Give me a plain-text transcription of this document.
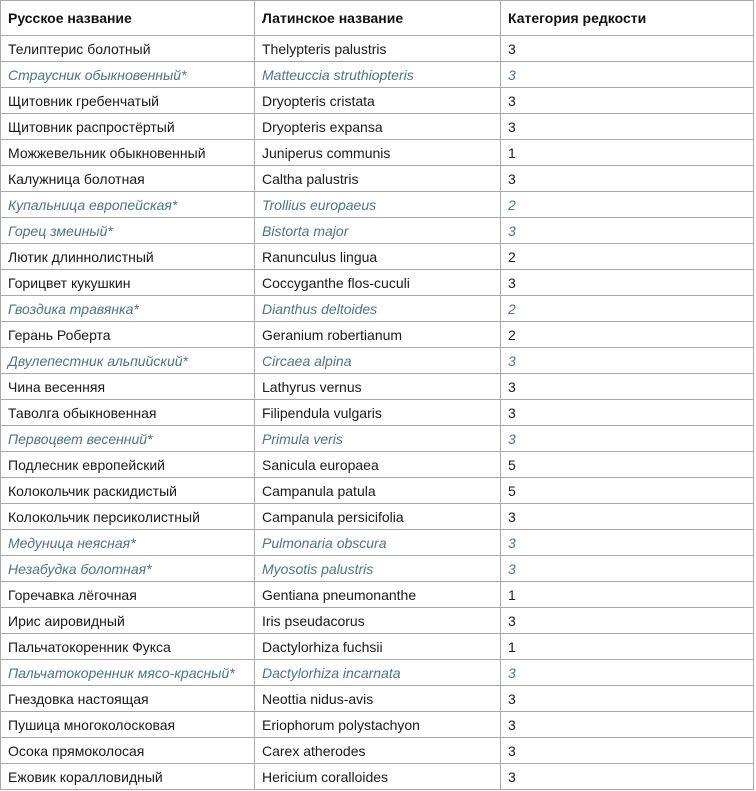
Русское название	Латинское название	Категория редкости
Телиптерис болотный	Thelypteris palustris	3
Страусник обыкновенный*	Matteuccia struthiopteris	3
Щитовник гребенчатый	Dryopteris cristata	3
Щитовник распростёртый	Dryopteris expansa	3
Можжевельник обыкновенный	Juniperus communis	1
Калужница болотная	Caltha palustris	3
Купальница европейская*	Trollius europaeus	2
Горец змеиный*	Bistorta major	3
Лютик длиннолистный	Ranunculus lingua	2
Горицвет кукушкин	Coccyganthe flos-cuculi	3
Гвоздика травянка*	Dianthus deltoides	2
Герань Роберта	Geranium robertianum	2
Двулепестник альпийский*	Circaea alpina	3
Чина весенняя	Lathyrus vernus	3
Таволга обыкновенная	Filipendula vulgaris	3
Первоцвет весенний*	Primula veris	3
Подлесник европейский	Sanicula europaea	5
Колокольчик раскидистый	Campanula patula	5
Колокольчик персиколистный	Campanula persicifolia	3
Медуница неясная*	Pulmonaria obscura	3
Незабудка болотная*	Myosotis palustris	3
Горечавка лёгочная	Gentiana pneumonanthe	1
Ирис аировидный	Iris pseudacorus	3
Пальчатокоренник Фукса	Dactylorhiza fuchsii	1
Пальчатокоренник мясо-красный*	Dactylorhiza incarnata	3
Гнездовка настоящая	Neottia nidus-avis	3
Пушица многоколосковая	Eriophorum polystachyon	3
Осока прямоколосая	Carex atherodes	3
Ежовик коралловидный	Hericium coralloides	3
